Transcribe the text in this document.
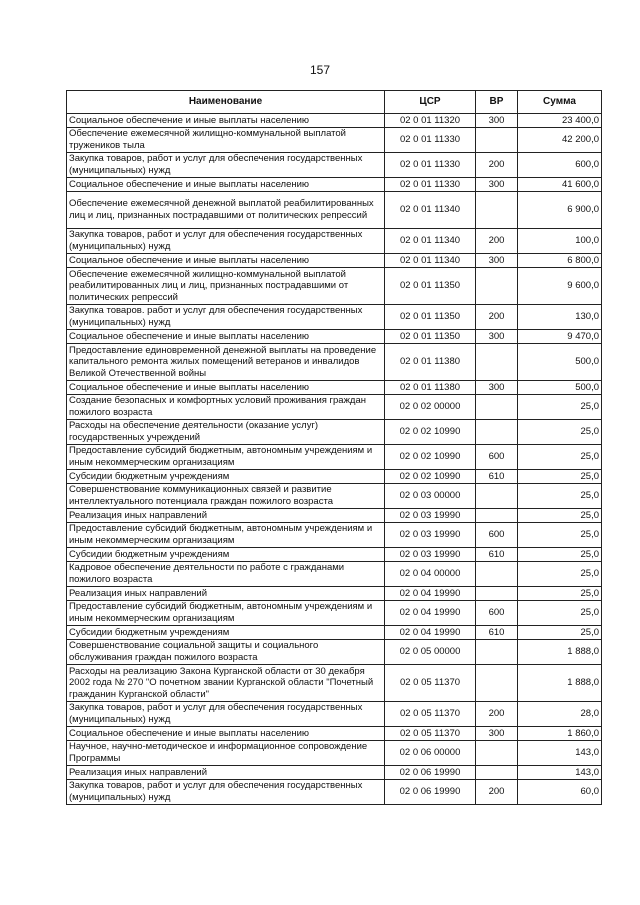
157
Наименование	ЦСР	ВР	Сумма
Социальное обеспечение и иные выплаты населению	02 0 01 11320	300	23 400,0
Обеспечение ежемесячной жилищно-коммунальной выплатой тружеников тыла	02 0 01 11330		42 200,0
Закупка товаров, работ и услуг для обеспечения государственных (муниципальных) нужд	02 0 01 11330	200	600,0
Социальное обеспечение и иные выплаты населению	02 0 01 11330	300	41 600,0
Обеспечение ежемесячной денежной выплатой реабилитированных лиц и лиц, признанных пострадавшими от политических репрессий	02 0 01 11340		6 900,0
Закупка товаров, работ и услуг для обеспечения государственных (муниципальных) нужд	02 0 01 11340	200	100,0
Социальное обеспечение и иные выплаты населению	02 0 01 11340	300	6 800,0
Обеспечение ежемесячной жилищно-коммунальной выплатой реабилитированных лиц и лиц, признанных пострадавшими от политических репрессий	02 0 01 11350		9 600,0
Закупка товаров. работ и услуг для обеспечения государственных (муниципальных) нужд	02 0 01 11350	200	130,0
Социальное обеспечение и иные выплаты населению	02 0 01 11350	300	9 470,0
Предоставление единовременной денежной выплаты на проведение капитального ремонта жилых помещений ветеранов и инвалидов Великой Отечественной войны	02 0 01 11380		500,0
Социальное обеспечение и иные выплаты населению	02 0 01 11380	300	500,0
Создание безопасных и комфортных условий проживания граждан пожилого возраста	02 0 02 00000		25,0
Расходы на обеспечение деятельности (оказание услуг) государственных учреждений	02 0 02 10990		25,0
Предоставление субсидий бюджетным, автономным учреждениям и иным некоммерческим организациям	02 0 02 10990	600	25,0
Субсидии бюджетным учреждениям	02 0 02 10990	610	25,0
Совершенствование коммуникационных связей и развитие интеллектуального потенциала граждан пожилого возраста	02 0 03 00000		25,0
Реализация иных направлений	02 0 03 19990		25,0
Предоставление субсидий бюджетным, автономным учреждениям и иным некоммерческим организациям	02 0 03 19990	600	25,0
Субсидии бюджетным учреждениям	02 0 03 19990	610	25,0
Кадровое обеспечение деятельности по работе с гражданами пожилого возраста	02 0 04 00000		25,0
Реализация иных направлений	02 0 04 19990		25,0
Предоставление субсидий бюджетным, автономным учреждениям и иным некоммерческим организациям	02 0 04 19990	600	25,0
Субсидии бюджетным учреждениям	02 0 04 19990	610	25,0
Совершенствование социальной защиты и социального обслуживания граждан пожилого возраста	02 0 05 00000		1 888,0
Расходы на реализацию Закона Курганской области от 30 декабря 2002 года № 270 "О почетном звании Курганской области "Почетный гражданин Курганской области"	02 0 05 11370		1 888,0
Закупка товаров, работ и услуг для обеспечения государственных (муниципальных) нужд	02 0 05 11370	200	28,0
Социальное обеспечение и иные выплаты населению	02 0 05 11370	300	1 860,0
Научное, научно-методическое и информационное сопровождение Программы	02 0 06 00000		143,0
Реализация иных направлений	02 0 06 19990		143,0
Закупка товаров, работ и услуг для обеспечения государственных (муниципальных) нужд	02 0 06 19990	200	60,0
